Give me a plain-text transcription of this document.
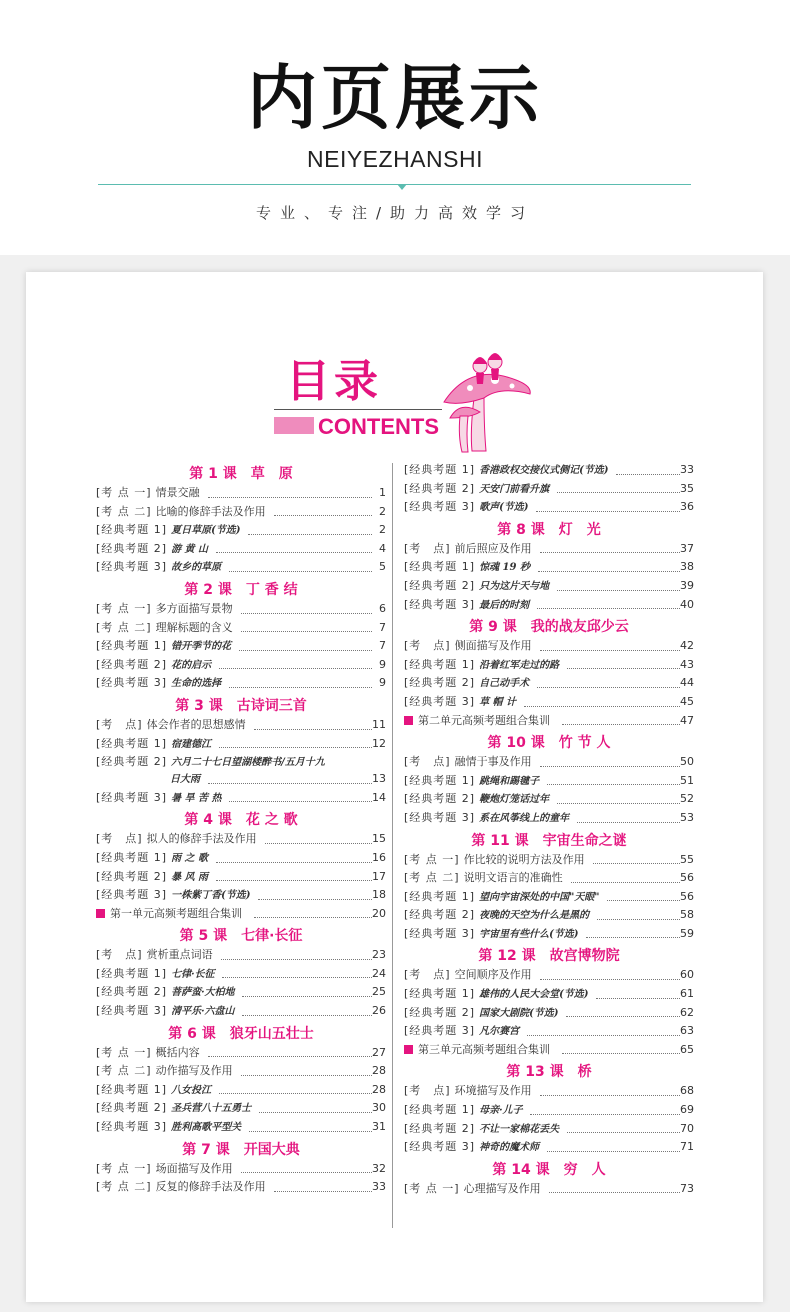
内页展示
NEIYEZHANSHI
专业、专注/助力高效学习
目录
CONTENTS
第 1 课　草　原
[考 点 一] 情景交融	1
[考 点 二] 比喻的修辞手法及作用	2
[经典考题 1] 夏日草原(节选)	2
[经典考题 2] 游 黄 山	4
[经典考题 3] 故乡的草原	5
第 2 课　丁 香 结
[考 点 一] 多方面描写景物	6
[考 点 二] 理解标题的含义	7
[经典考题 1] 错开季节的花	7
[经典考题 2] 花的启示	9
[经典考题 3] 生命的选择	9
第 3 课　古诗词三首
[考　点] 体会作者的思想感情	11
[经典考题 1] 宿建德江	12
[经典考题 2] 六月二十七日望湖楼醉书/五月十九
日大雨	13
[经典考题 3] 暑 旱 苦 热	14
第 4 课　花 之 歌
[考　点] 拟人的修辞手法及作用	15
[经典考题 1] 雨 之 歌	16
[经典考题 2] 暴 风 雨	17
[经典考题 3] 一株紫丁香(节选)	18
第一单元高频考题组合集训	20
第 5 课　七律·长征
[考　点] 赏析重点词语	23
[经典考题 1] 七律·长征	24
[经典考题 2] 菩萨蛮·大柏地	25
[经典考题 3] 清平乐·六盘山	26
第 6 课　狼牙山五壮士
[考 点 一] 概括内容	27
[考 点 二] 动作描写及作用	28
[经典考题 1] 八女投江	28
[经典考题 2] 圣兵营八十五勇士	30
[经典考题 3] 胜利高歌平型关	31
第 7 课　开国大典
[考 点 一] 场面描写及作用	32
[考 点 二] 反复的修辞手法及作用	33
[经典考题 1] 香港政权交接仪式侧记(节选)	33
[经典考题 2] 天安门前看升旗	35
[经典考题 3] 歌声(节选)	36
第 8 课　灯　光
[考　点] 前后照应及作用	37
[经典考题 1] 惊魂 19 秒	38
[经典考题 2] 只为这片天与地	39
[经典考题 3] 最后的时刻	40
第 9 课　我的战友邱少云
[考　点] 侧面描写及作用	42
[经典考题 1] 沿着红军走过的路	43
[经典考题 2] 自己动手术	44
[经典考题 3] 草 帽 计	45
第二单元高频考题组合集训	47
第 10 课　竹 节 人
[考　点] 融情于事及作用	50
[经典考题 1] 跳绳和踢毽子	51
[经典考题 2] 鞭炮灯笼话过年	52
[经典考题 3] 系在风筝线上的童年	53
第 11 课　宇宙生命之谜
[考 点 一] 作比较的说明方法及作用	55
[考 点 二] 说明文语言的准确性	56
[经典考题 1] 望向宇宙深处的中国"天眼"	56
[经典考题 2] 夜晚的天空为什么是黑的	58
[经典考题 3] 宇宙里有些什么(节选)	59
第 12 课　故宫博物院
[考　点] 空间顺序及作用	60
[经典考题 1] 雄伟的人民大会堂(节选)	61
[经典考题 2] 国家大剧院(节选)	62
[经典考题 3] 凡尔赛宫	63
第三单元高频考题组合集训	65
第 13 课　桥
[考　点] 环境描写及作用	68
[经典考题 1] 母亲·儿子	69
[经典考题 2] 不让一家棉花丢失	70
[经典考题 3] 神奇的魔术师	71
第 14 课　穷　人
[考 点 一] 心理描写及作用	73
